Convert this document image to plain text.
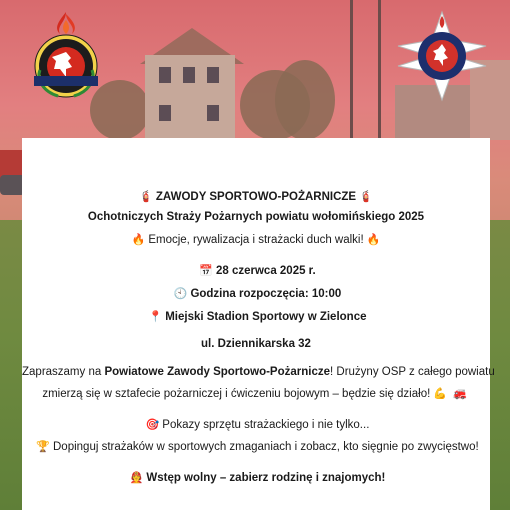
🧯 ZAWODY SPORTOWO-POŻARNICZE 🧯
Ochotniczych Straży Pożarnych powiatu wołomińskiego 2025
🔥 Emocje, rywalizacja i strażacki duch walki! 🔥
📅 28 czerwca 2025 r.
🕙 Godzina rozpoczęcia: 10:00
📍 Miejski Stadion Sportowy w Zielonce
ul. Dziennikarska 32
Zapraszamy na Powiatowe Zawody Sportowo-Pożarnicze! Drużyny OSP z całego powiatu
zmierzą się w sztafecie pożarniczej i ćwiczeniu bojowym – będzie się działo! 💪 🚒
🎯 Pokazy sprzętu strażackiego i nie tylko...
🏆 Dopinguj strażaków w sportowych zmaganiach i zobacz, kto sięgnie po zwycięstwo!
🧑‍🚒 Wstęp wolny – zabierz rodzinę i znajomych!
